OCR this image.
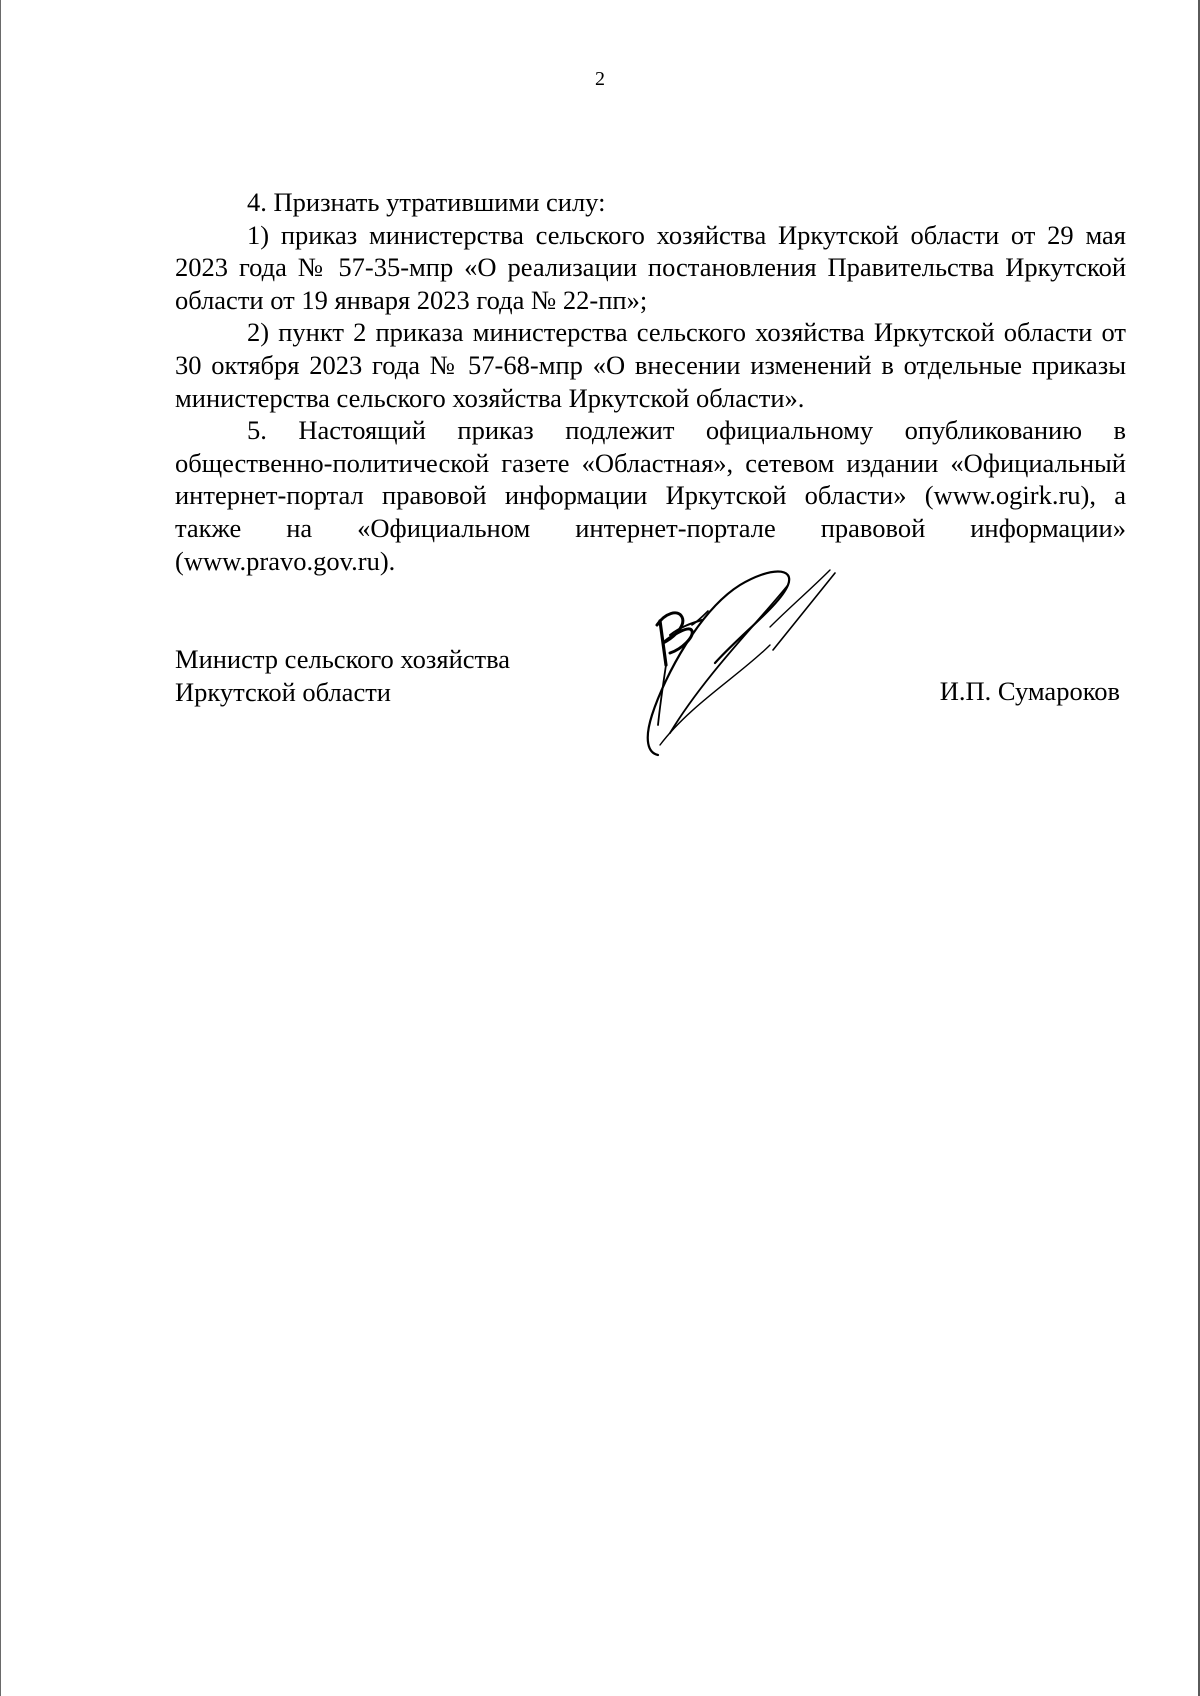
2

4. Признать утратившими силу:

1) приказ министерства сельского хозяйства Иркутской области от 29 мая 2023 года № 57-35-мпр «О реализации постановления Правительства Иркутской области от 19 января 2023 года № 22-пп»;

2) пункт 2 приказа министерства сельского хозяйства Иркутской области от 30 октября 2023 года № 57-68-мпр «О внесении изменений в отдельные приказы министерства сельского хозяйства Иркутской области».

5. Настоящий приказ подлежит официальному опубликованию в общественно-политической газете «Областная», сетевом издании «Официальный интернет-портал правовой информации Иркутской области» (www.ogirk.ru), а также на «Официальном интернет-портале правовой информации» (www.pravo.gov.ru).

Министр сельского хозяйства
Иркутской области	И.П. Сумароков
